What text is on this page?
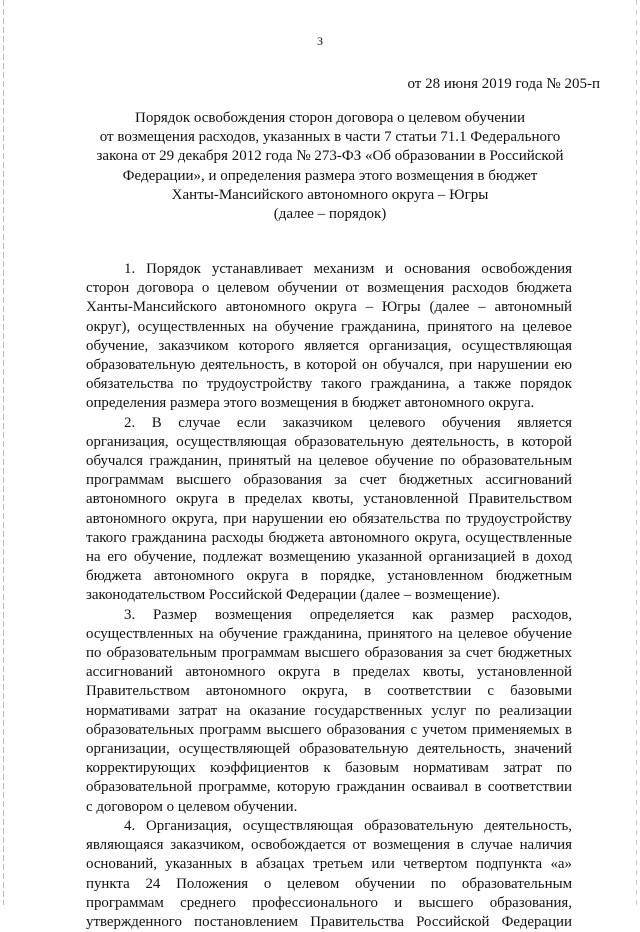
3
от 28 июня 2019 года № 205-п
Порядок освобождения сторон договора о целевом обучении
от возмещения расходов, указанных в части 7 статьи 71.1 Федерального
закона от 29 декабря 2012 года № 273-ФЗ «Об образовании в Российской
Федерации», и определения размера этого возмещения в бюджет
Ханты-Мансийского автономного округа – Югры
(далее – порядок)
1. Порядок устанавливает механизм и основания освобождения
сторон договора о целевом обучении от возмещения расходов бюджета
Ханты-Мансийского автономного округа – Югры (далее – автономный
округ), осуществленных на обучение гражданина, принятого на целевое
обучение, заказчиком которого является организация, осуществляющая
образовательную деятельность, в которой он обучался, при нарушении ею
обязательства по трудоустройству такого гражданина, а также порядок
определения размера этого возмещения в бюджет автономного округа.
2. В случае если заказчиком целевого обучения является
организация, осуществляющая образовательную деятельность, в которой
обучался гражданин, принятый на целевое обучение по образовательным
программам высшего образования за счет бюджетных ассигнований
автономного округа в пределах квоты, установленной Правительством
автономного округа, при нарушении ею обязательства по трудоустройству
такого гражданина расходы бюджета автономного округа, осуществленные
на его обучение, подлежат возмещению указанной организацией в доход
бюджета автономного округа в порядке, установленном бюджетным
законодательством Российской Федерации (далее – возмещение).
3. Размер возмещения определяется как размер расходов,
осуществленных на обучение гражданина, принятого на целевое обучение
по образовательным программам высшего образования за счет бюджетных
ассигнований автономного округа в пределах квоты, установленной
Правительством автономного округа, в соответствии с базовыми
нормативами затрат на оказание государственных услуг по реализации
образовательных программ высшего образования с учетом применяемых в
организации, осуществляющей образовательную деятельность, значений
корректирующих коэффициентов к базовым нормативам затрат по
образовательной программе, которую гражданин осваивал в соответствии
с договором о целевом обучении.
4. Организация, осуществляющая образовательную деятельность,
являющаяся заказчиком, освобождается от возмещения в случае наличия
оснований, указанных в абзацах третьем или четвертом подпункта «а»
пункта 24 Положения о целевом обучении по образовательным
программам среднего профессионального и высшего образования,
утвержденного постановлением Правительства Российской Федерации
